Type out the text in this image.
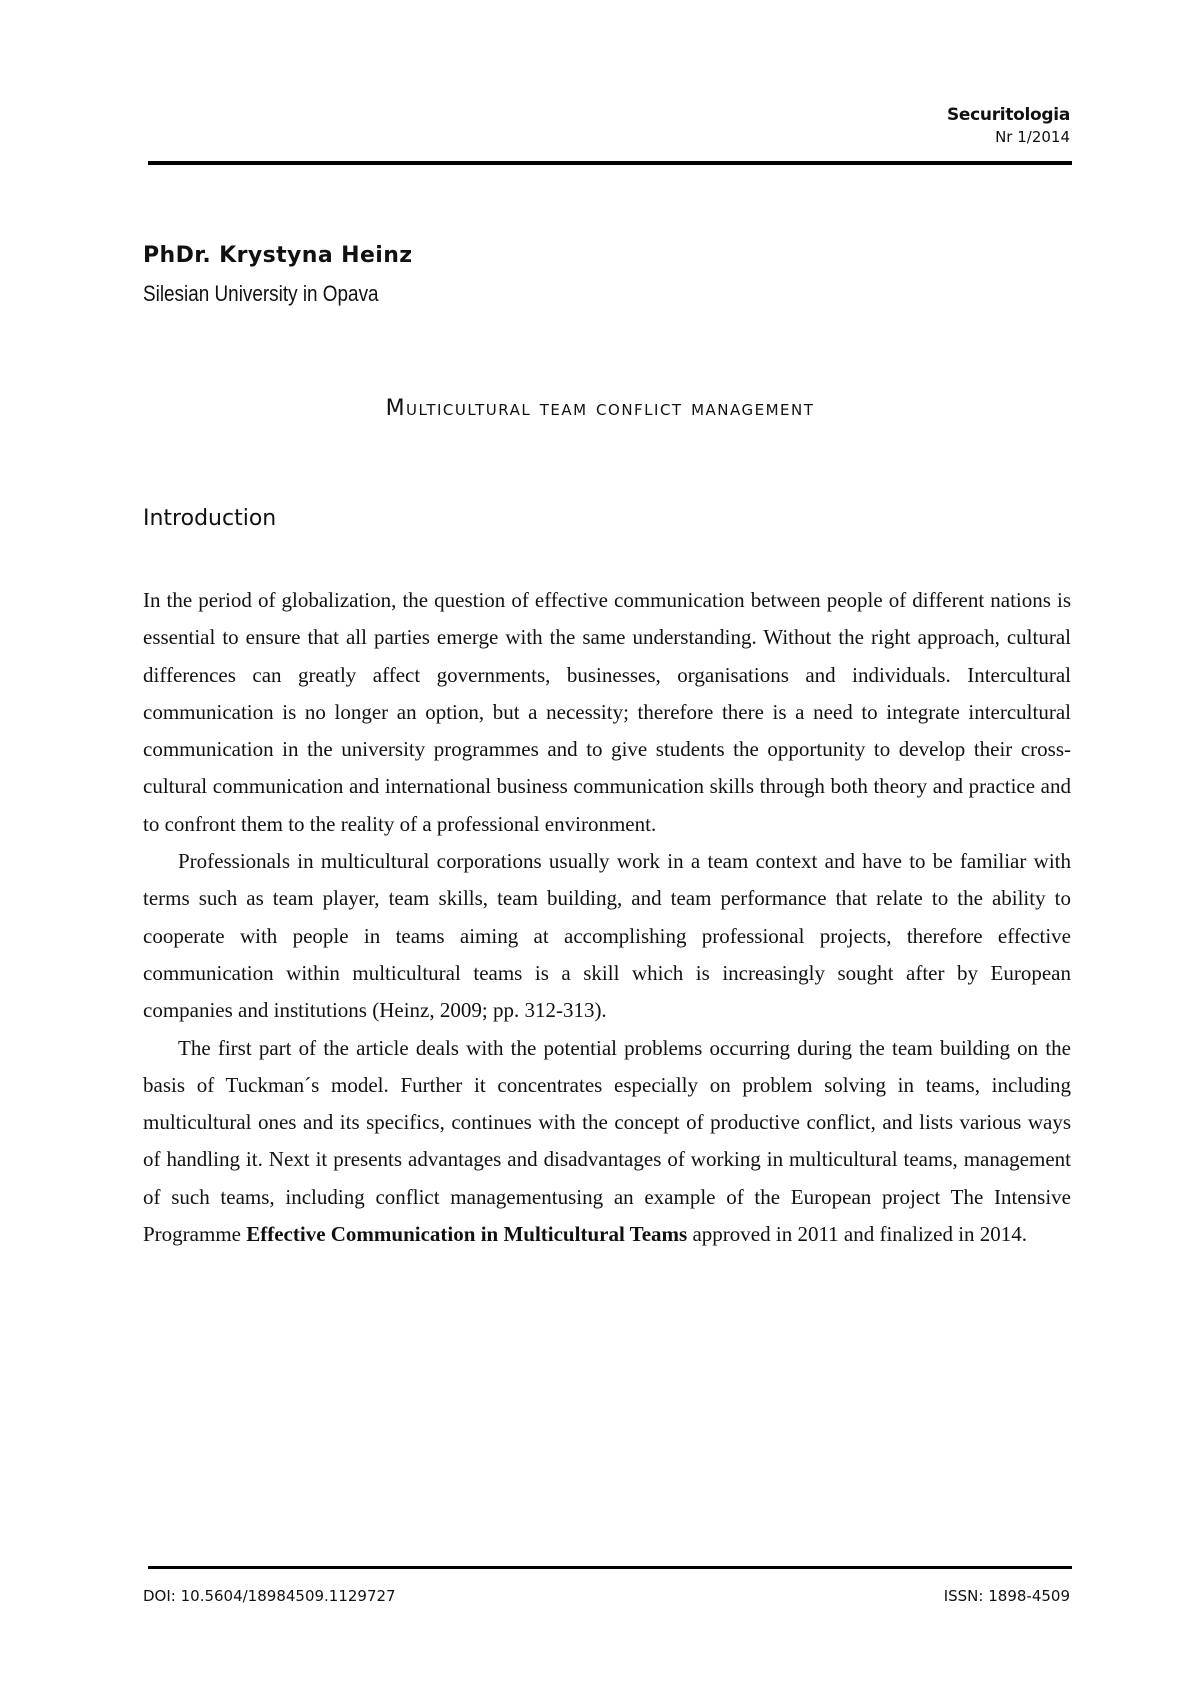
Securitologia
Nr 1/2014
PhDr. Krystyna Heinz
Silesian University in Opava
Multicultural team conflict management
Introduction

In the period of globalization, the question of effective communication between people of different nations is essential to ensure that all parties emerge with the same understanding. Without the right approach, cultural differences can greatly affect governments, businesses, organisations and individuals. Intercultural communication is no longer an option, but a necessity; therefore there is a need to integrate intercultural communication in the university programmes and to give students the opportunity to develop their cross-cultural communication and international business communication skills through both theory and practice and to confront them to the reality of a professional environment.

Professionals in multicultural corporations usually work in a team context and have to be familiar with terms such as team player, team skills, team building, and team performance that relate to the ability to cooperate with people in teams aiming at accomplishing professional projects, therefore effective communication within multicultural teams is a skill which is increasingly sought after by European companies and institutions (Heinz, 2009; pp. 312-313).

The first part of the article deals with the potential problems occurring during the team building on the basis of Tuckman´s model. Further it concentrates especially on problem solving in teams, including multicultural ones and its specifics, continues with the concept of productive conflict, and lists various ways of handling it. Next it presents advantages and disadvantages of working in multicultural teams, management of such teams, including conflict managementusing an example of the European project The Intensive Programme Effective Communication in Multicultural Teams approved in 2011 and finalized in 2014.

DOI: 10.5604/18984509.1129727	ISSN: 1898-4509
